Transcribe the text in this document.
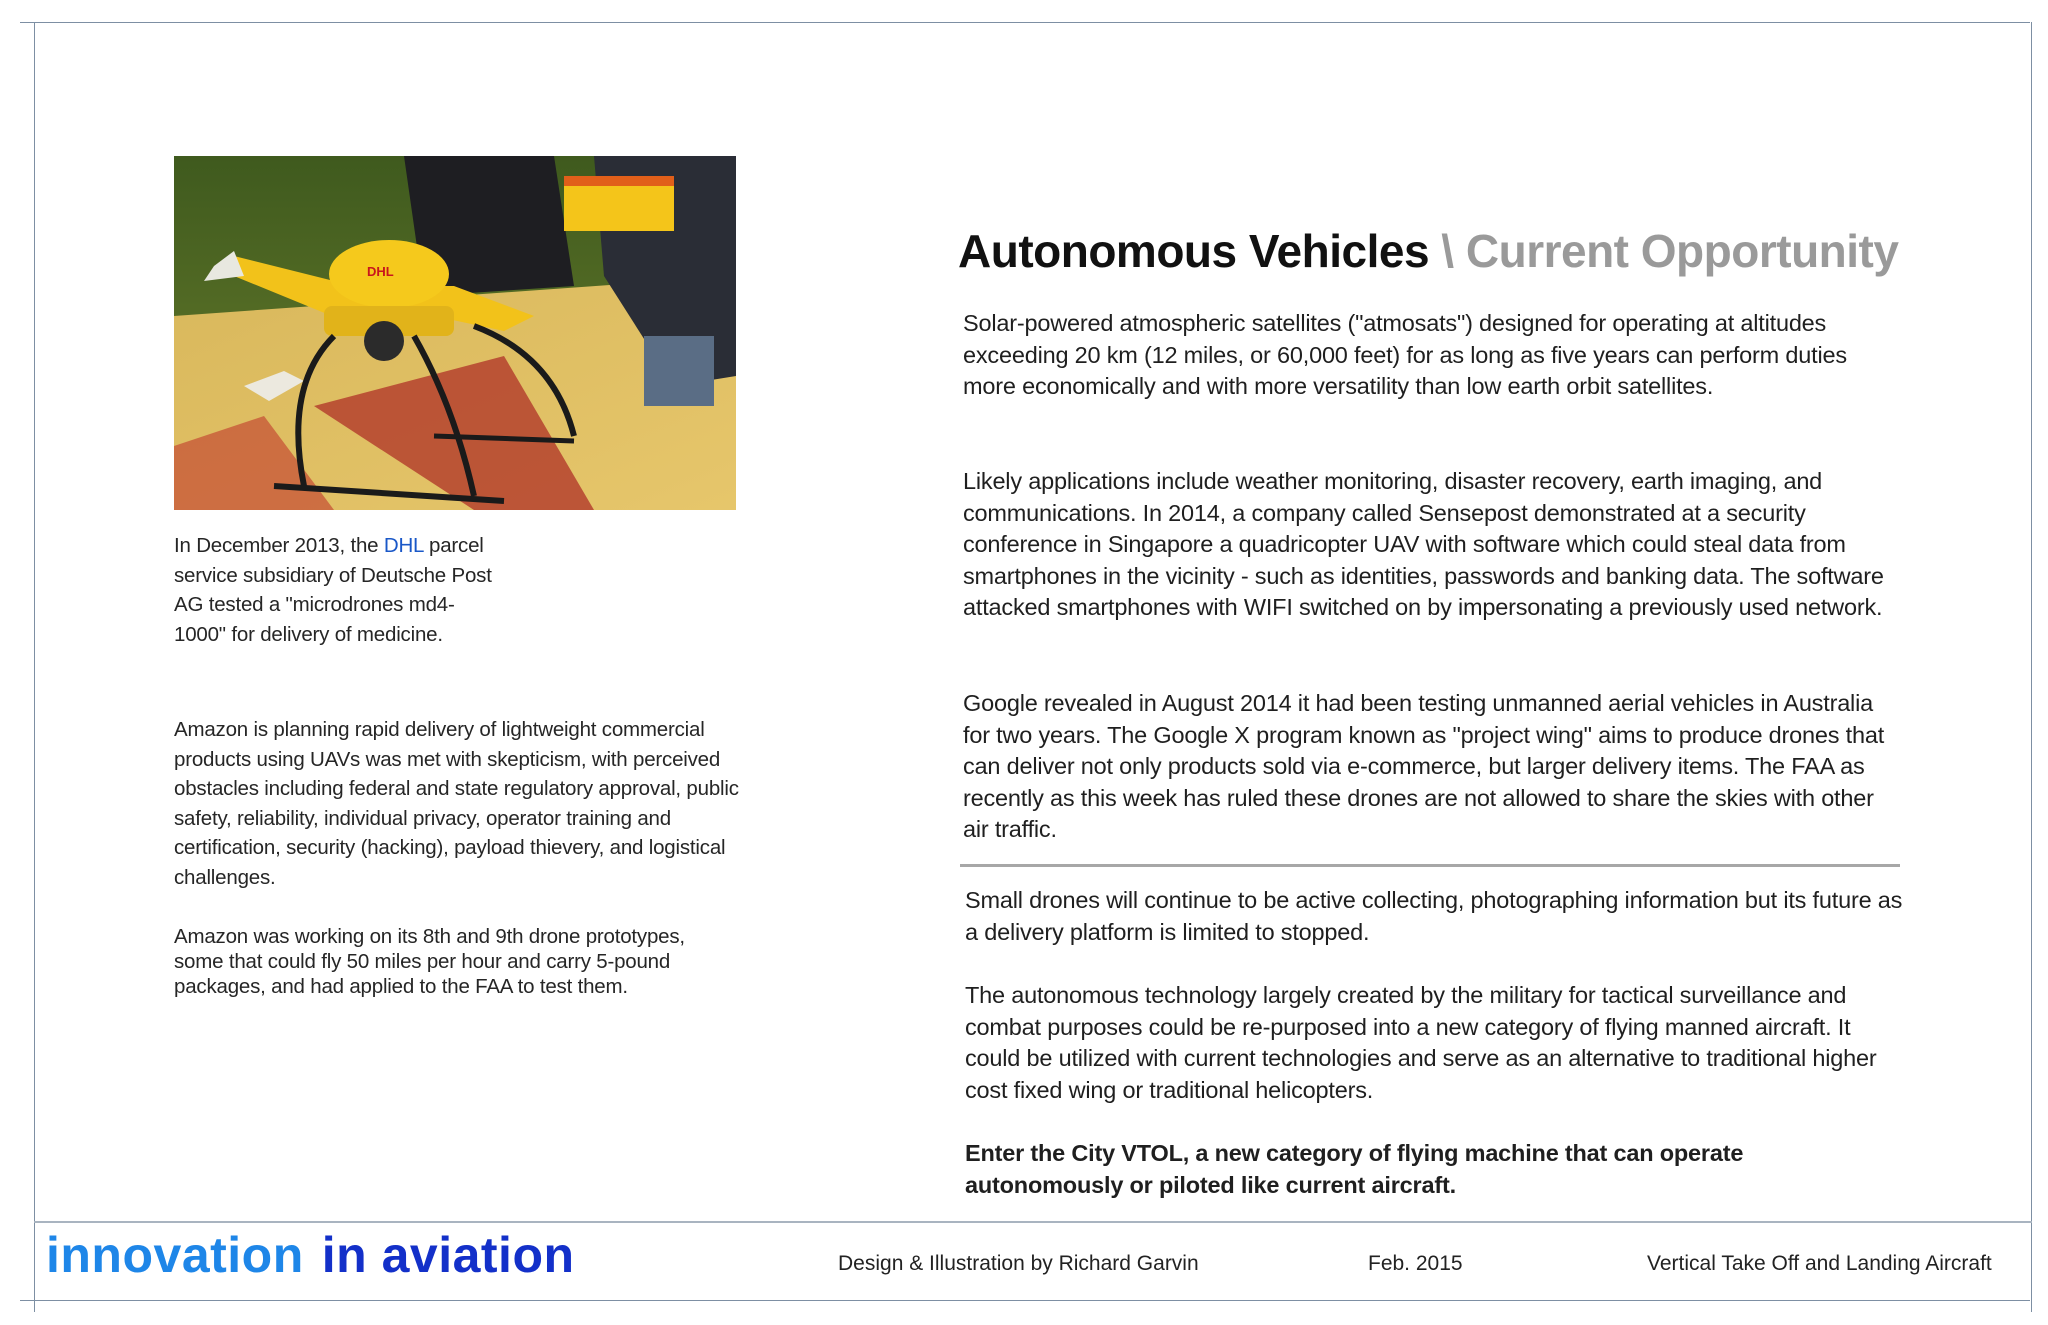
DHL
In December 2013, the DHL parcel service subsidiary of Deutsche Post AG tested a "microdrones md4-1000" for delivery of medicine.
Amazon is planning rapid delivery of lightweight commercial products using UAVs was met with skepticism, with perceived obstacles including federal and state regulatory approval, public safety, reliability, individual privacy, operator training and certification, security (hacking), payload thievery, and logistical challenges.
Amazon was working on its 8th and 9th drone prototypes, some that could fly 50 miles per hour and carry 5-pound packages, and had applied to the FAA to test them.
Autonomous Vehicles \ Current Opportunity
Solar-powered atmospheric satellites ("atmosats") designed for operating at altitudes exceeding 20 km (12 miles, or 60,000 feet) for as long as five years can perform duties more economically and with more versatility than low earth orbit satellites.
Likely applications include weather monitoring, disaster recovery, earth imaging, and communications. In 2014, a company called Sensepost demonstrated at a security conference in Singapore a quadricopter UAV with software which could steal data from smartphones in the vicinity - such as identities, passwords and banking data. The software attacked smartphones with WIFI switched on by impersonating a previously used network.
Google revealed in August 2014 it had been testing unmanned aerial vehicles in Australia for two years. The Google X program known as "project wing" aims to produce drones that can deliver not only products sold via e-commerce, but larger delivery items. The FAA as recently as this week has ruled these drones are not allowed to share the skies with other air traffic.
Small drones will continue to be active collecting, photographing information but its future as a delivery platform is limited to stopped.
The autonomous technology largely created by the military for tactical surveillance and combat purposes could be re-purposed into a new category of flying manned aircraft. It could be utilized with current technologies and serve as an alternative to traditional higher cost fixed wing or traditional helicopters.
Enter the City VTOL, a new category of flying machine that can operate autonomously or piloted like current aircraft.
innovation in aviation	Design & Illustration by Richard Garvin	Feb. 2015	Vertical Take Off and Landing Aircraft
